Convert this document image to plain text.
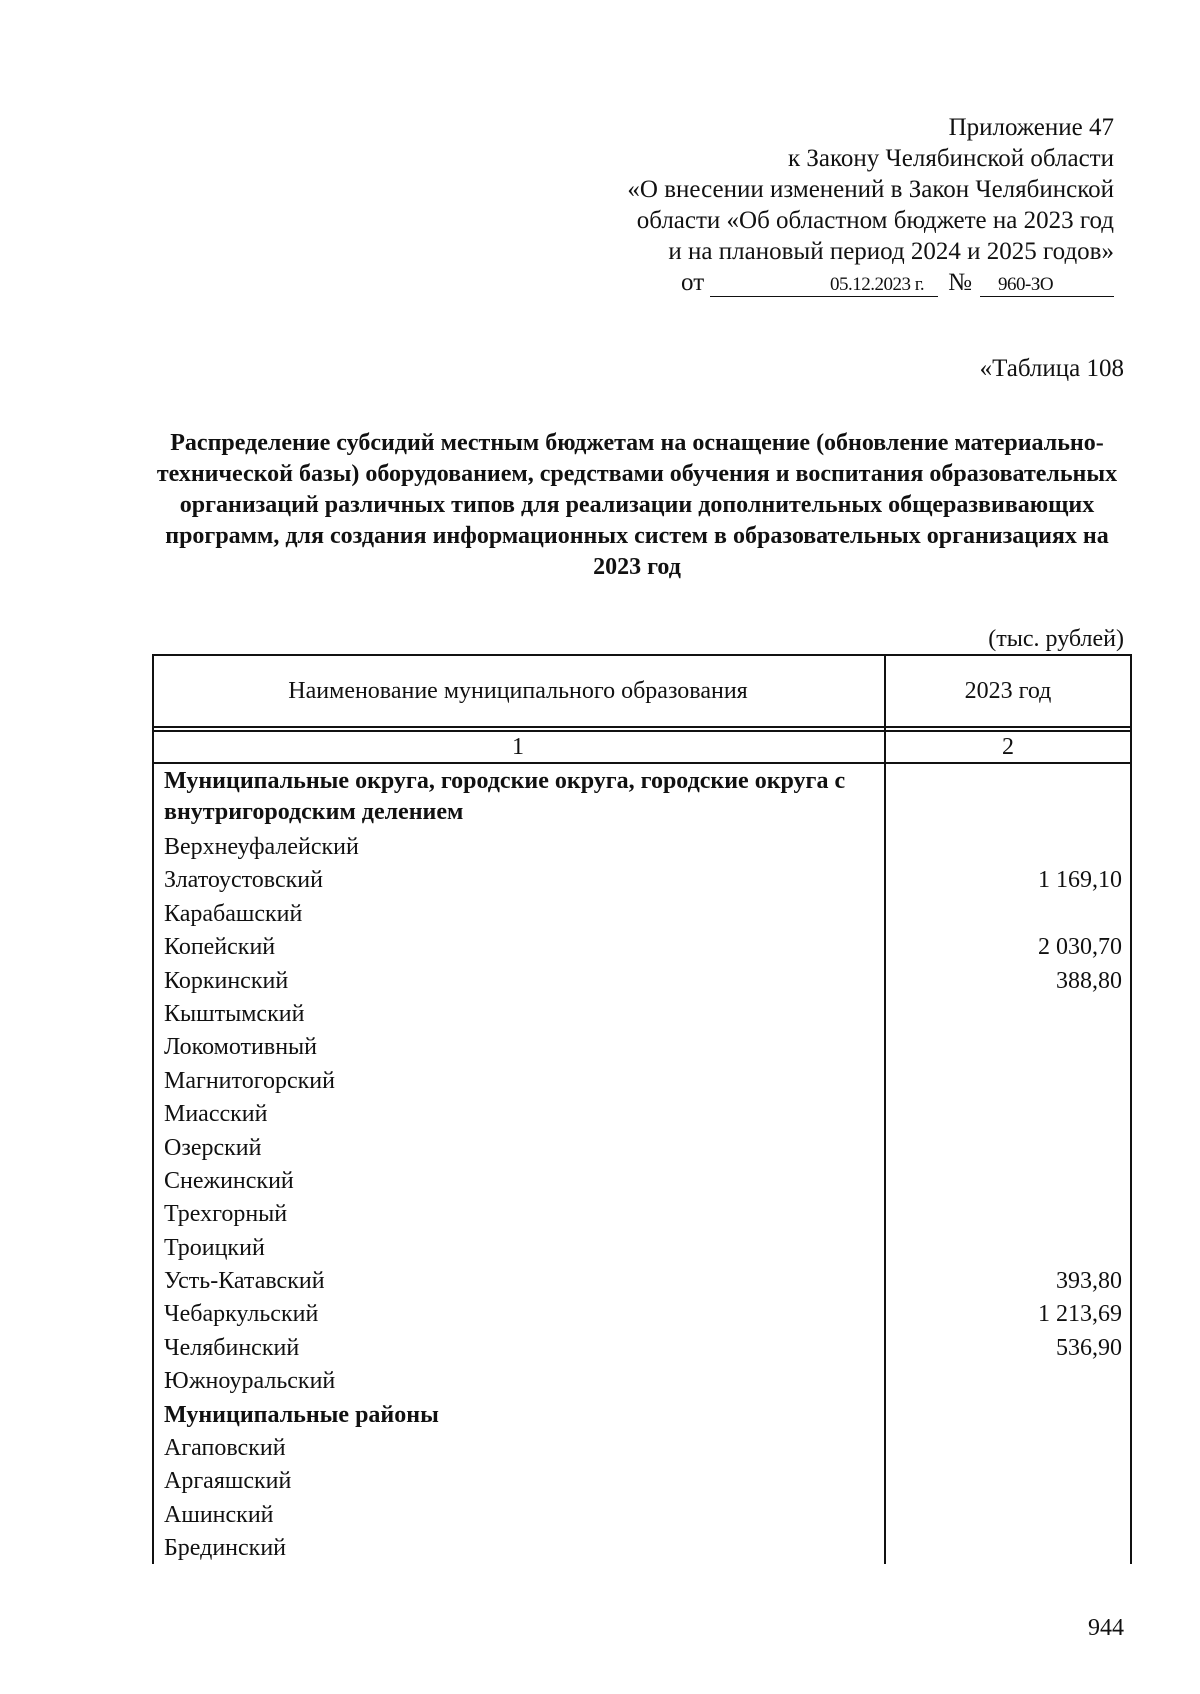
Приложение 47
к Закону Челябинской области
«О внесении изменений в Закон Челябинской
области «Об областном бюджете на 2023 год
и на плановый период 2024 и 2025 годов»
от	05.12.2023 г. №	960-ЗО
«Таблица 108
Распределение субсидий местным бюджетам на оснащение (обновление материально-технической базы) оборудованием, средствами обучения и воспитания образовательных организаций различных типов для реализации дополнительных общеразвивающих программ, для создания информационных систем в образовательных организациях на 2023 год
(тыс. рублей)
Наименование муниципального образования	2023 год
1	2
Муниципальные округа, городские округа, городские округа с внутригородским делением
Верхнеуфалейский
Златоустовский	1 169,10
Карабашский
Копейский	2 030,70
Коркинский	388,80
Кыштымский
Локомотивный
Магнитогорский
Миасский
Озерский
Снежинский
Трехгорный
Троицкий
Усть-Катавский	393,80
Чебаркульский	1 213,69
Челябинский	536,90
Южноуральский
Муниципальные районы
Агаповский
Аргаяшский
Ашинский
Брединский
944
